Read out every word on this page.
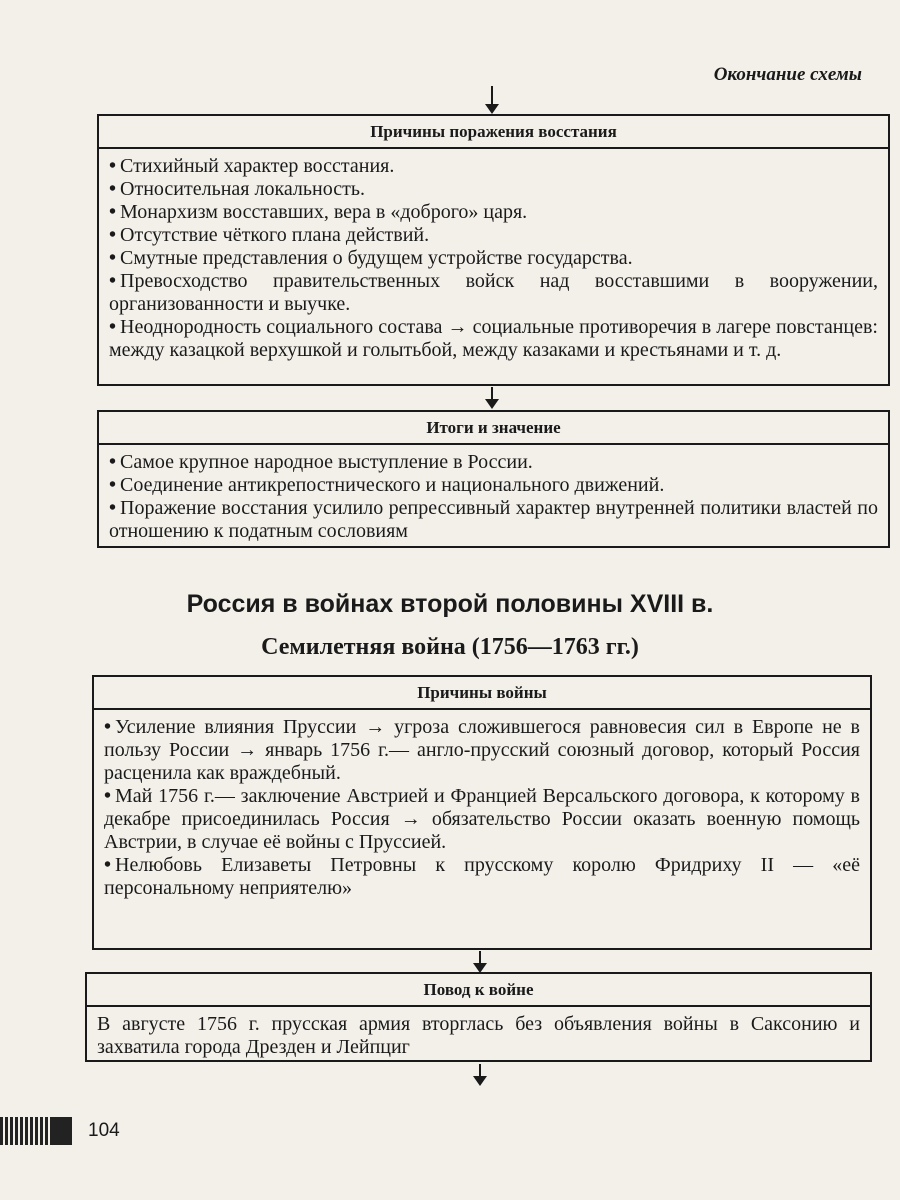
Окончание схемы
Причины поражения восстания

• Стихийный характер восстания.

• Относительная локальность.

• Монархизм восставших, вера в «доброго» царя.

• Отсутствие чёткого плана действий.

• Смутные представления о будущем устройстве государства.

• Превосходство правительственных войск над восставшими в вооружении, организованности и выучке.

• Неоднородность социального состава → социальные противоречия в лагере повстанцев: между казацкой верхушкой и голытьбой, между казаками и крестьянами и т. д.

Итоги и значение

• Самое крупное народное выступление в России.

• Соединение антикрепостнического и национального движений.

• Поражение восстания усилило репрессивный характер внутренней политики властей по отношению к податным сословиям

Россия в войнах второй половины XVIII в.
Семилетняя война (1756—1763 гг.)
Причины войны

• Усиление влияния Пруссии → угроза сложившегося равновесия сил в Европе не в пользу России → январь 1756 г.— англо-прусский союзный договор, который Россия расценила как враждебный.

• Май 1756 г.— заключение Австрией и Францией Версальского договора, к которому в декабре присоединилась Россия → обязательство России оказать военную помощь Австрии, в случае её войны с Пруссией.

• Нелюбовь Елизаветы Петровны к прусскому королю Фридриху II — «её персональному неприятелю»

Повод к войне
В августе 1756 г. прусская армия вторглась без объявления войны в Саксонию и захватила города Дрезден и Лейпциг
104
